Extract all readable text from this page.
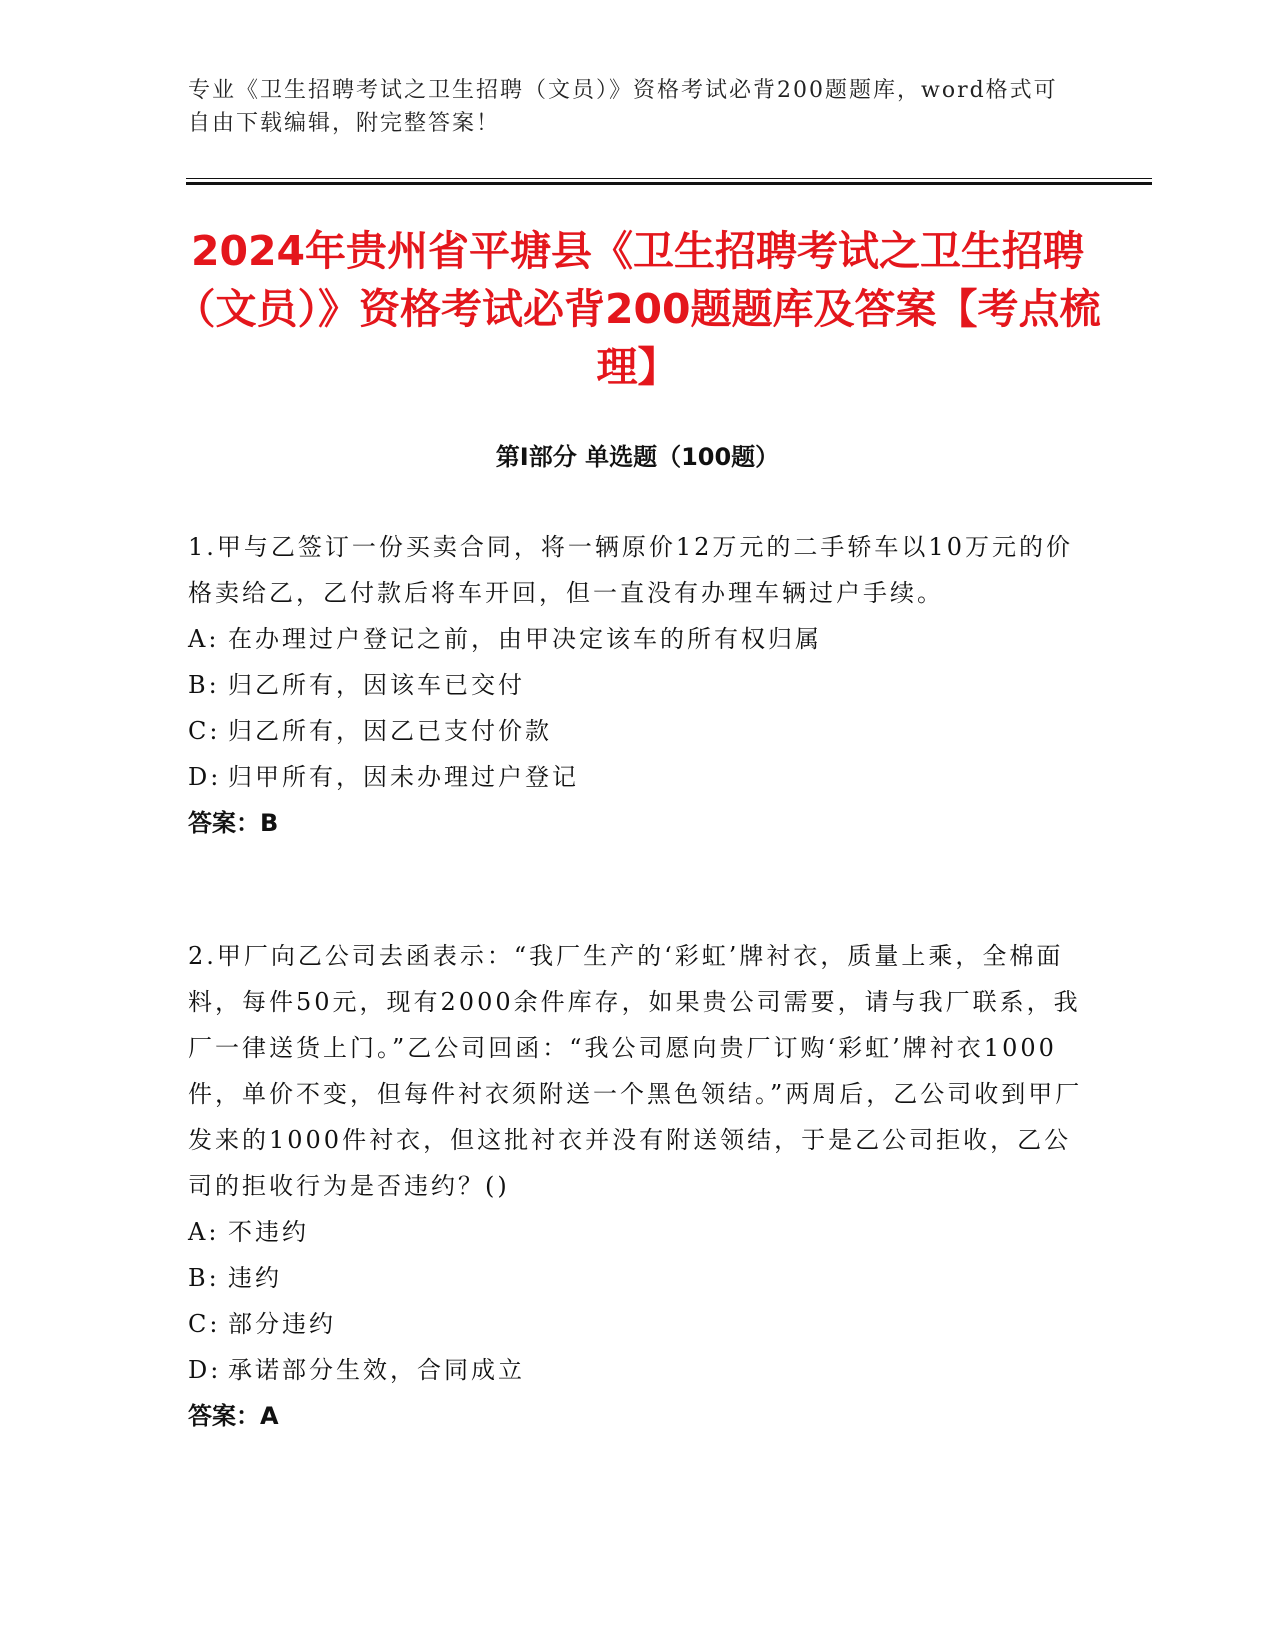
专业《卫生招聘考试之卫生招聘（文员）》资格考试必背200题题库，word格式可自由下载编辑，附完整答案！
2024年贵州省平塘县《卫生招聘考试之卫生招聘（文员）》资格考试必背200题题库及答案【考点梳理】
第I部分 单选题（100题）

1.甲与乙签订一份买卖合同，将一辆原价12万元的二手轿车以10万元的价格卖给乙，乙付款后将车开回，但一直没有办理车辆过户手续。

A: 在办理过户登记之前，由甲决定该车的所有权归属

B: 归乙所有，因该车已交付

C: 归乙所有，因乙已支付价款

D: 归甲所有，因未办理过户登记

答案：B

2.甲厂向乙公司去函表示：“我厂生产的‘彩虹’牌衬衣，质量上乘，全棉面料，每件50元，现有2000余件库存，如果贵公司需要，请与我厂联系，我厂一律送货上门。”乙公司回函：“我公司愿向贵厂订购‘彩虹’牌衬衣1000件，单价不变，但每件衬衣须附送一个黑色领结。”两周后，乙公司收到甲厂发来的1000件衬衣，但这批衬衣并没有附送领结，于是乙公司拒收，乙公司的拒收行为是否违约？()

A: 不违约

B: 违约

C: 部分违约

D: 承诺部分生效，合同成立

答案：A
